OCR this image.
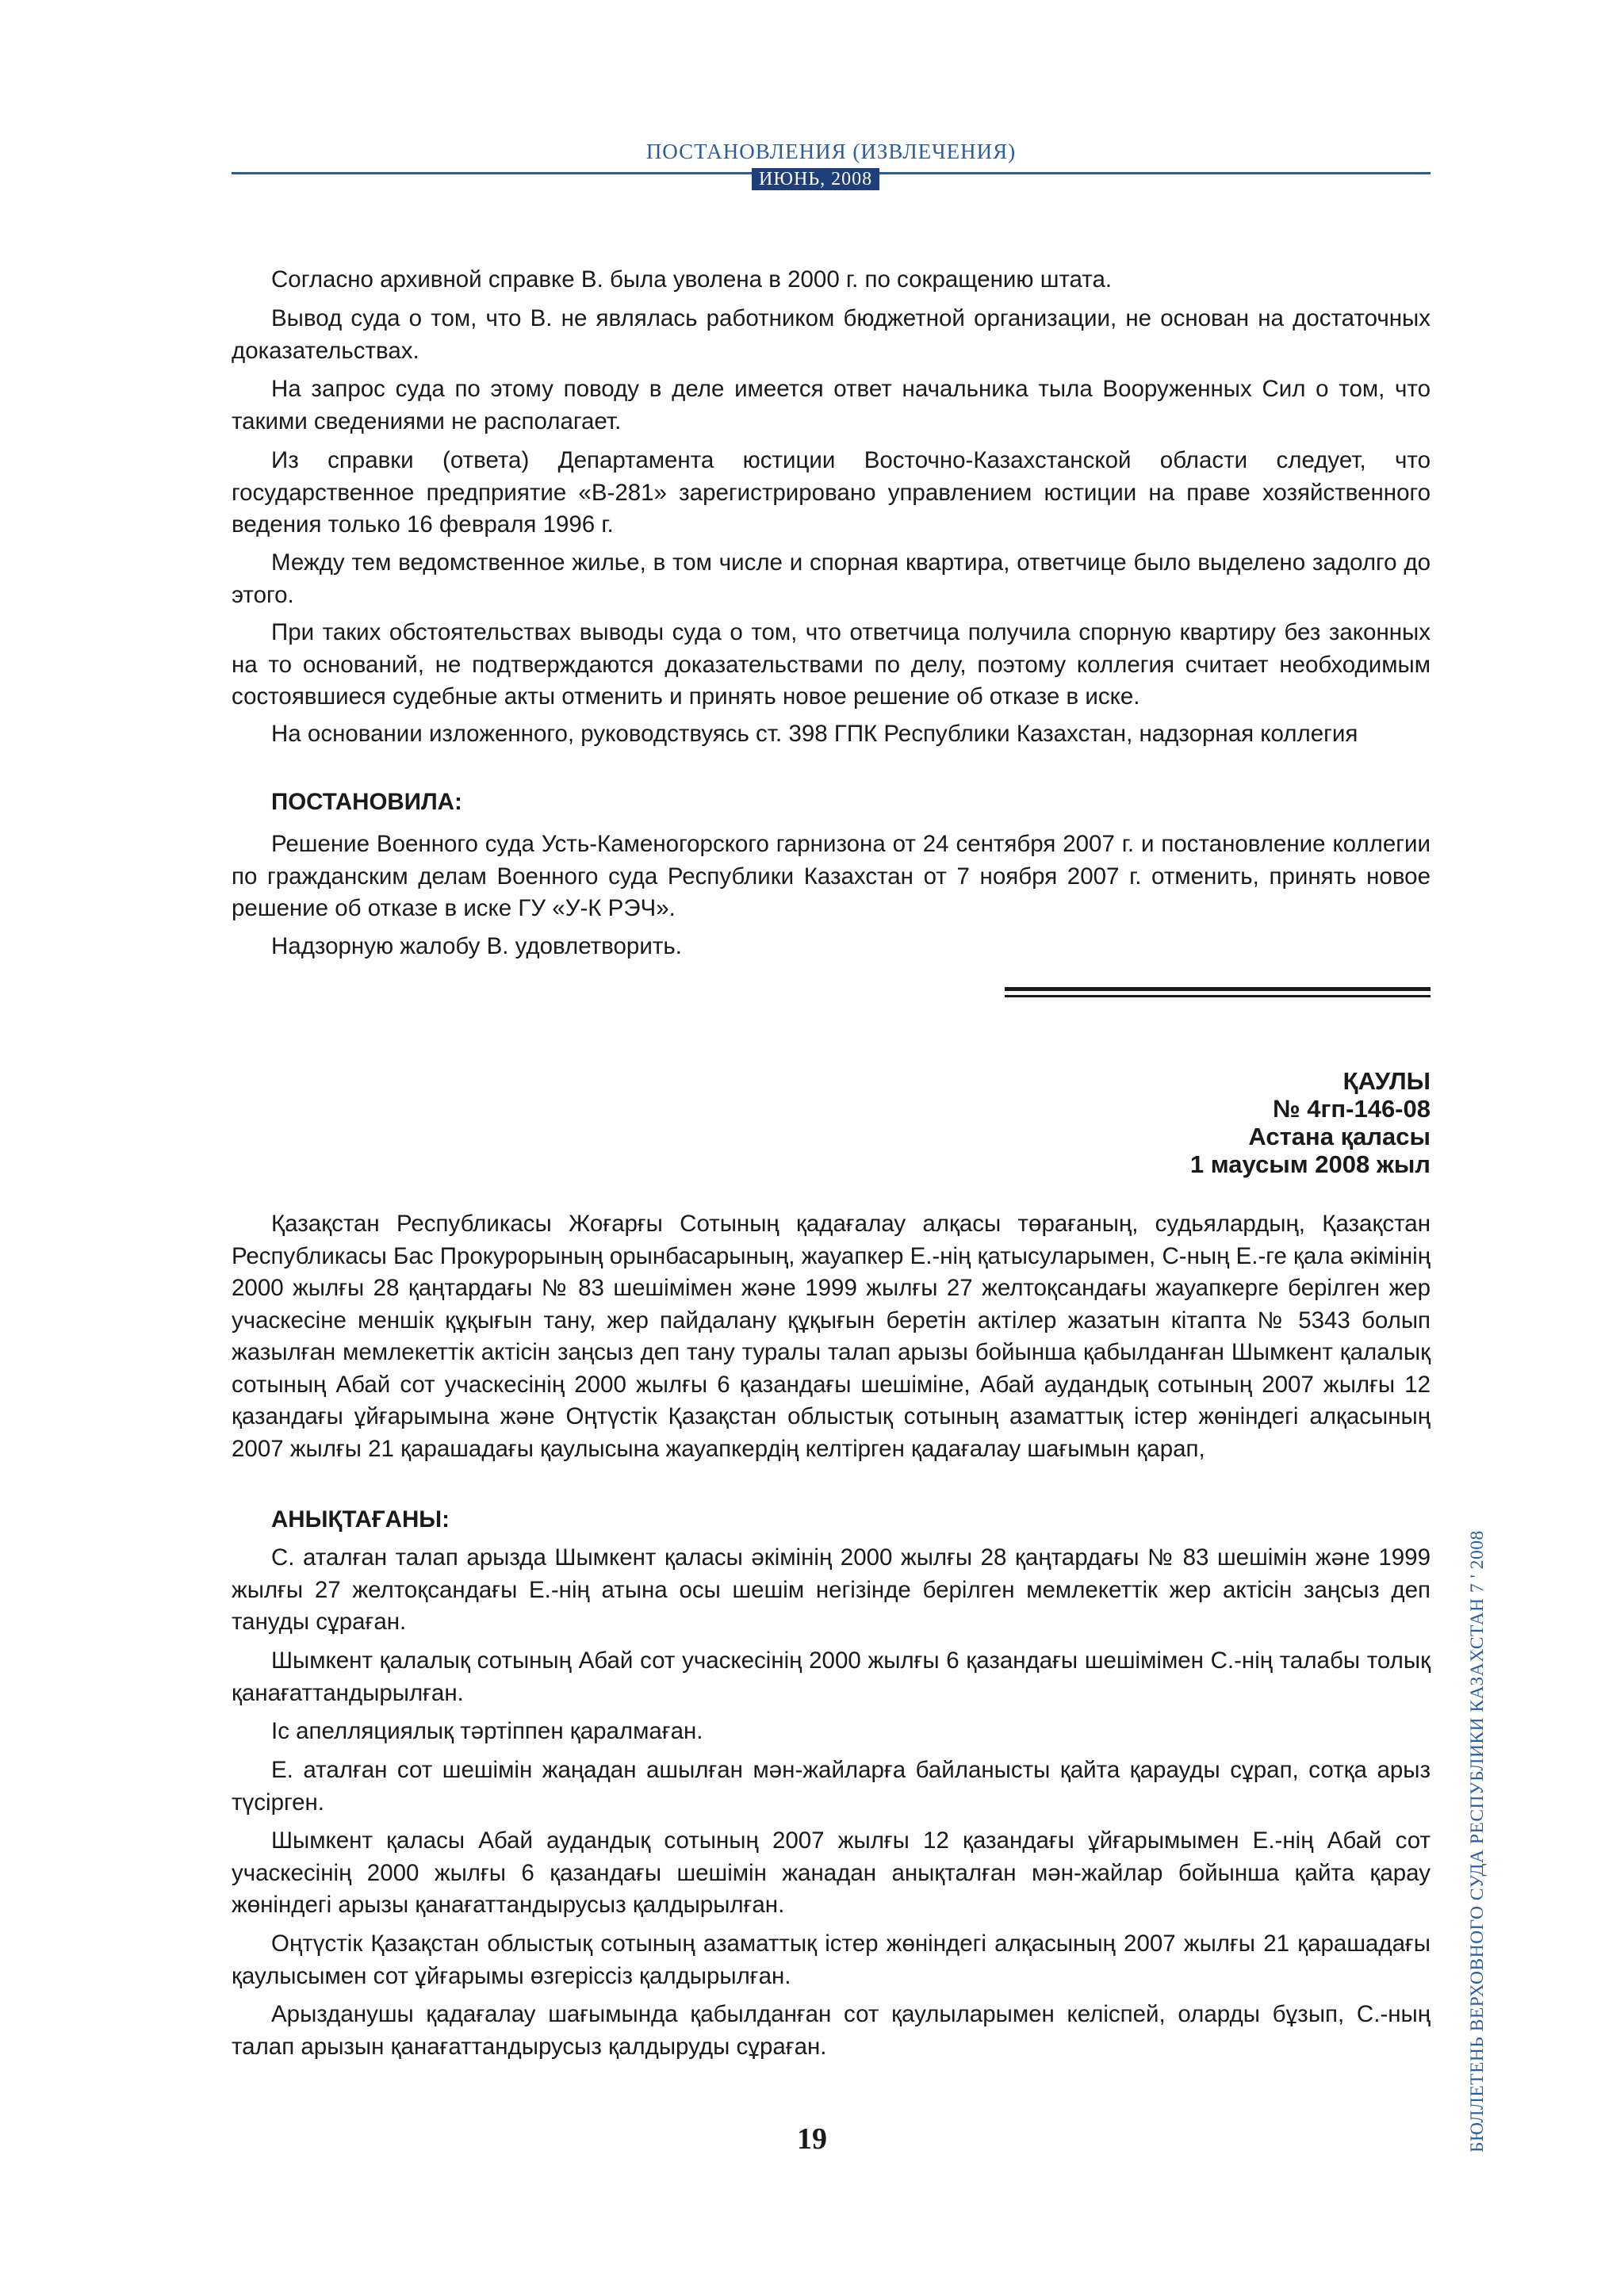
ПОСТАНОВЛЕНИЯ (ИЗВЛЕЧЕНИЯ)
ИЮНЬ, 2008

Согласно архивной справке В. была уволена в 2000 г. по сокращению штата.

Вывод суда о том, что В. не являлась работником бюджетной организации, не основан на достаточных доказательствах.

На запрос суда по этому поводу в деле имеется ответ начальника тыла Вооруженных Сил о том, что такими сведениями не располагает.

Из справки (ответа) Департамента юстиции Восточно-Казахстанской области следует, что государственное предприятие «В-281» зарегистрировано управлением юстиции на праве хозяйственного ведения только 16 февраля 1996 г.

Между тем ведомственное жилье, в том числе и спорная квартира, ответчице было выделено задолго до этого.

При таких обстоятельствах выводы суда о том, что ответчица получила спорную квартиру без законных на то оснований, не подтверждаются доказательствами по делу, поэтому коллегия считает необходимым состоявшиеся судебные акты отменить и принять новое решение об отказе в иске.

На основании изложенного, руководствуясь ст. 398 ГПК Республики Казахстан, надзорная коллегия

ПОСТАНОВИЛА:

Решение Военного суда Усть-Каменогорского гарнизона от 24 сентября 2007 г. и постановление коллегии по гражданским делам Военного суда Республики Казахстан от 7 ноября 2007 г. отменить, принять новое решение об отказе в иске ГУ «У-К РЭЧ».

Надзорную жалобу В. удовлетворить.

ҚАУЛЫ
№ 4гп-146-08
Астана қаласы
1 маусым 2008 жыл

Қазақстан Республикасы Жоғарғы Сотының қадағалау алқасы төрағаның, судьялардың, Қазақстан Республикасы Бас Прокурорының орынбасарының, жауапкер Е.-нің қатысуларымен, С-ның Е.-ге қала әкімінің 2000 жылғы 28 қаңтардағы № 83 шешімімен және 1999 жылғы 27 желтоқсандағы жауапкерге берілген жер учаскесіне меншік құқығын тану, жер пайдалану құқығын беретін актілер жазатын кітапта № 5343 болып жазылған мемлекеттік актісін заңсыз деп тану туралы талап арызы бойынша қабылданған Шымкент қалалық сотының Абай сот учаскесінің 2000 жылғы 6 қазандағы шешіміне, Абай аудандық сотының 2007 жылғы 12 қазандағы ұйғарымына және Оңтүстік Қазақстан облыстық сотының азаматтық істер жөніндегі алқасының 2007 жылғы 21 қарашадағы қаулысына жауапкердің келтірген қадағалау шағымын қарап,

АНЫҚТАҒАНЫ:

С. аталған талап арызда Шымкент қаласы әкімінің 2000 жылғы 28 қаңтардағы № 83 шешімін және 1999 жылғы 27 желтоқсандағы Е.-нің атына осы шешім негізінде берілген мемлекеттік жер актісін заңсыз деп тануды сұраған.

Шымкент қалалық сотының Абай сот учаскесінің 2000 жылғы 6 қазандағы шешімімен С.-нің талабы толық қанағаттандырылған.

Іс апелляциялық тәртіппен қаралмаған.

Е. аталған сот шешімін жаңадан ашылған мән-жайларға байланысты қайта қарауды сұрап, сотқа арыз түсірген.

Шымкент қаласы Абай аудандық сотының 2007 жылғы 12 қазандағы ұйғарымымен Е.-нің Абай сот учаскесінің 2000 жылғы 6 қазандағы шешімін жанадан анықталған мән-жайлар бойынша қайта қарау жөніндегі арызы қанағаттандырусыз қалдырылған.

Оңтүстік Қазақстан облыстық сотының азаматтық істер жөніндегі алқасының 2007 жылғы 21 қарашадағы қаулысымен сот ұйғарымы өзгеріссіз қалдырылған.

Арызданушы қадағалау шағымында қабылданған сот қаулыларымен келіспей, оларды бұзып, С.-ның талап арызын қанағаттандырусыз қалдыруды сұраған.

19	БЮЛЛЕТЕНЬ ВЕРХОВНОГО СУДА РЕСПУБЛИКИ КАЗАХСТАН 7 ' 2008
